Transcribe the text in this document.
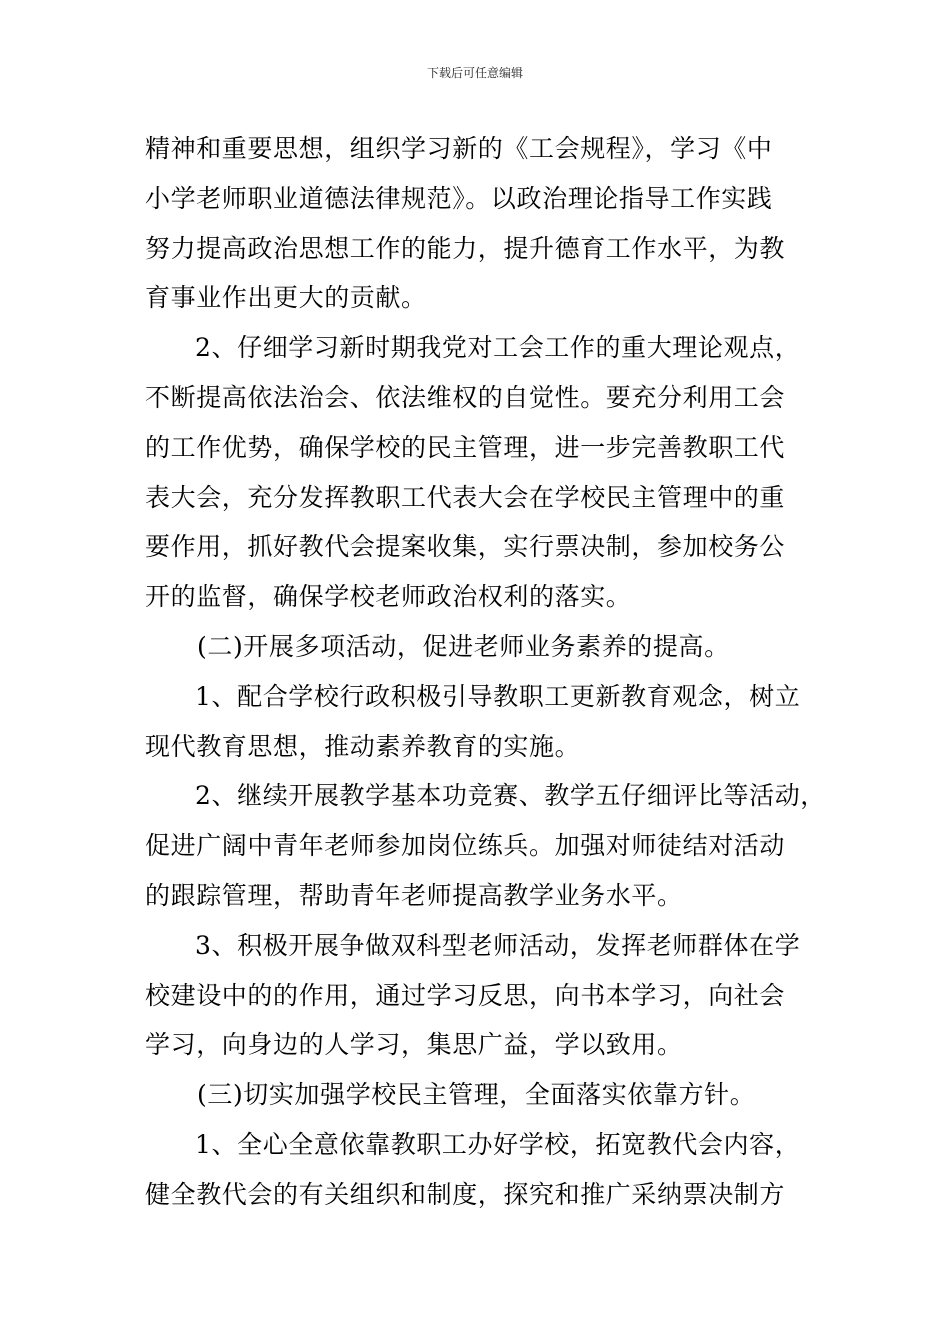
下载后可任意编辑
精神和重要思想，组织学习新的《工会规程》，学习《中
小学老师职业道德法律规范》。以政治理论指导工作实践
努力提高政治思想工作的能力，提升德育工作水平，为教
育事业作出更大的贡献。
2、仔细学习新时期我党对工会工作的重大理论观点，
不断提高依法治会、依法维权的自觉性。要充分利用工会
的工作优势，确保学校的民主管理，进一步完善教职工代
表大会，充分发挥教职工代表大会在学校民主管理中的重
要作用，抓好教代会提案收集，实行票决制，参加校务公
开的监督，确保学校老师政治权利的落实。
(二)开展多项活动，促进老师业务素养的提高。
1、配合学校行政积极引导教职工更新教育观念，树立
现代教育思想，推动素养教育的实施。
2、继续开展教学基本功竞赛、教学五仔细评比等活动，
促进广阔中青年老师参加岗位练兵。加强对师徒结对活动
的跟踪管理，帮助青年老师提高教学业务水平。
3、积极开展争做双科型老师活动，发挥老师群体在学
校建设中的的作用，通过学习反思，向书本学习，向社会
学习，向身边的人学习，集思广益，学以致用。
(三)切实加强学校民主管理，全面落实依靠方针。
1、全心全意依靠教职工办好学校，拓宽教代会内容，
健全教代会的有关组织和制度，探究和推广采纳票决制方
